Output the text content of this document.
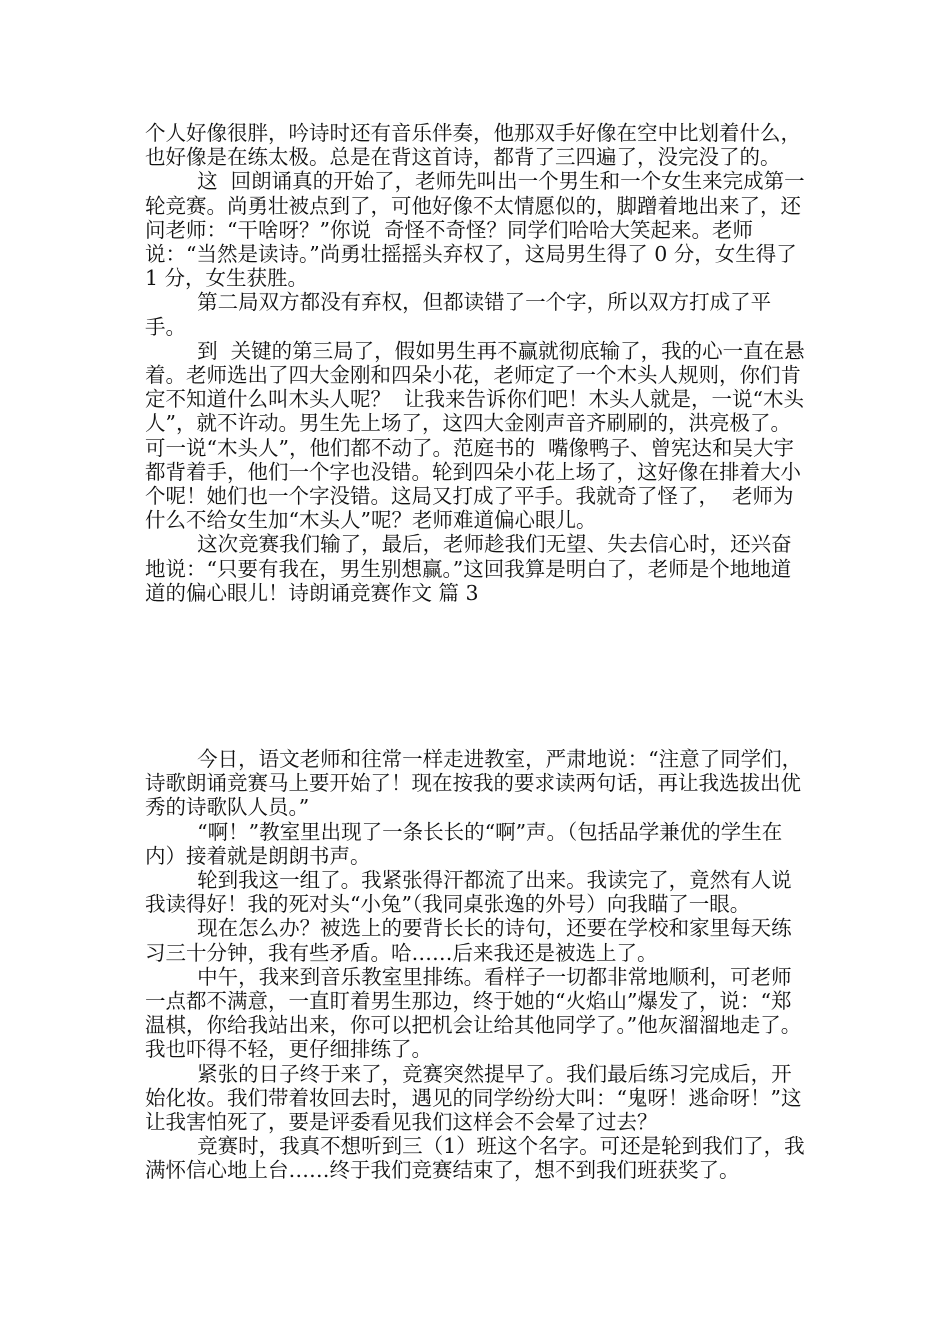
个人好像很胖，吟诗时还有音乐伴奏，他那双手好像在空中比划着什么，也好像是在练太极。总是在背这首诗，都背了三四遍了，没完没了的。

这  回朗诵真的开始了，老师先叫出一个男生和一个女生来完成第一轮竞赛。尚勇壮被点到了，可他好像不太情愿似的，脚蹭着地出来了，还问老师：“干啥呀？”你说  奇怪不奇怪？同学们哈哈大笑起来。老师说：“当然是读诗。”尚勇壮摇摇头弃权了，这局男生得了 0 分，女生得了 1 分，女生获胜。

第二局双方都没有弃权，但都读错了一个字，所以双方打成了平手。

到  关键的第三局了，假如男生再不赢就彻底输了，我的心一直在悬着。老师选出了四大金刚和四朵小花，老师定了一个木头人规则，你们肯定不知道什么叫木头人呢？  让我来告诉你们吧！木头人就是，一说“木头人”，就不许动。男生先上场了，这四大金刚声音齐刷刷的，洪亮极了。可一说“木头人”，他们都不动了。范庭书的  嘴像鸭子、曾宪达和吴大宇都背着手，他们一个字也没错。轮到四朵小花上场了，这好像在排着大小个呢！她们也一个字没错。这局又打成了平手。我就奇了怪了，  老师为什么不给女生加“木头人”呢？老师难道偏心眼儿。

这次竞赛我们输了，最后，老师趁我们无望、失去信心时，还兴奋地说：“只要有我在，男生别想赢。”这回我算是明白了，老师是个地地道道的偏心眼儿！诗朗诵竞赛作文 篇 3

今日，语文老师和往常一样走进教室，严肃地说：“注意了同学们，诗歌朗诵竞赛马上要开始了！现在按我的要求读两句话，再让我选拔出优秀的诗歌队人员。”

“啊！”教室里出现了一条长长的“啊”声。（包括品学兼优的学生在内）接着就是朗朗书声。

轮到我这一组了。我紧张得汗都流了出来。我读完了，竟然有人说我读得好！我的死对头“小兔”（我同桌张逸的外号）向我瞄了一眼。

现在怎么办？被选上的要背长长的诗句，还要在学校和家里每天练习三十分钟，我有些矛盾。哈……后来我还是被选上了。

中午，我来到音乐教室里排练。看样子一切都非常地顺利，可老师一点都不满意，一直盯着男生那边，终于她的“火焰山”爆发了，说：“郑温棋，你给我站出来，你可以把机会让给其他同学了。”他灰溜溜地走了。我也吓得不轻，更仔细排练了。

紧张的日子终于来了，竞赛突然提早了。我们最后练习完成后，开始化妆。我们带着妆回去时，遇见的同学纷纷大叫：“鬼呀！逃命呀！”这让我害怕死了，要是评委看见我们这样会不会晕了过去？

竞赛时，我真不想听到三（1）班这个名字。可还是轮到我们了，我满怀信心地上台……终于我们竞赛结束了，想不到我们班获奖了。
